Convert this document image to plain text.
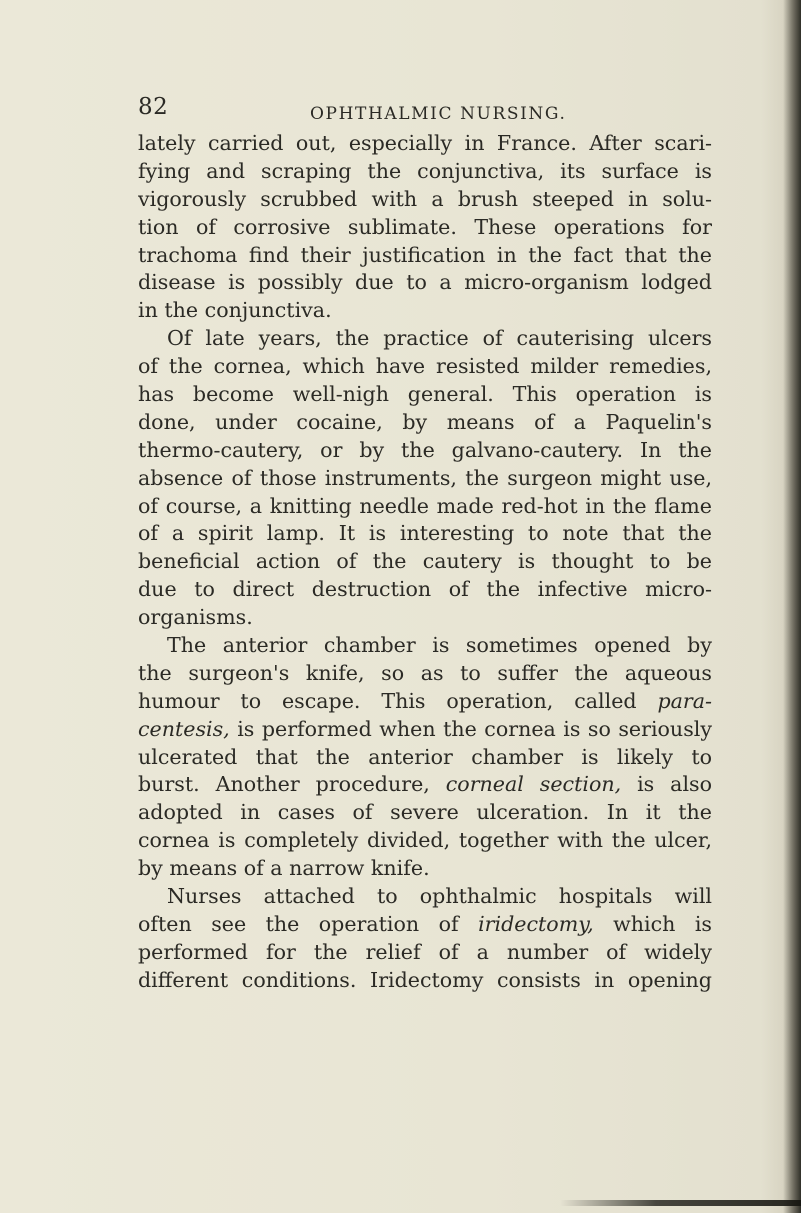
82	OPHTHALMIC NURSING.
lately carried out, especially in France. After scari-
fying and scraping the conjunctiva, its surface is
vigorously scrubbed with a brush steeped in solu-
tion of corrosive sublimate. These operations for
trachoma find their justification in the fact that the
disease is possibly due to a micro-organism lodged
in the conjunctiva.
Of late years, the practice of cauterising ulcers
of the cornea, which have resisted milder remedies,
has become well-nigh general. This operation is
done, under cocaine, by means of a Paquelin's
thermo-cautery, or by the galvano-cautery. In the
absence of those instruments, the surgeon might use,
of course, a knitting needle made red-hot in the flame
of a spirit lamp. It is interesting to note that the
beneficial action of the cautery is thought to be
due to direct destruction of the infective micro-
organisms.
The anterior chamber is sometimes opened by
the surgeon's knife, so as to suffer the aqueous
humour to escape. This operation, called para-
centesis, is performed when the cornea is so seriously
ulcerated that the anterior chamber is likely to
burst. Another procedure, corneal section, is also
adopted in cases of severe ulceration. In it the
cornea is completely divided, together with the ulcer,
by means of a narrow knife.
Nurses attached to ophthalmic hospitals will
often see the operation of iridectomy, which is
performed for the relief of a number of widely
different conditions. Iridectomy consists in opening
